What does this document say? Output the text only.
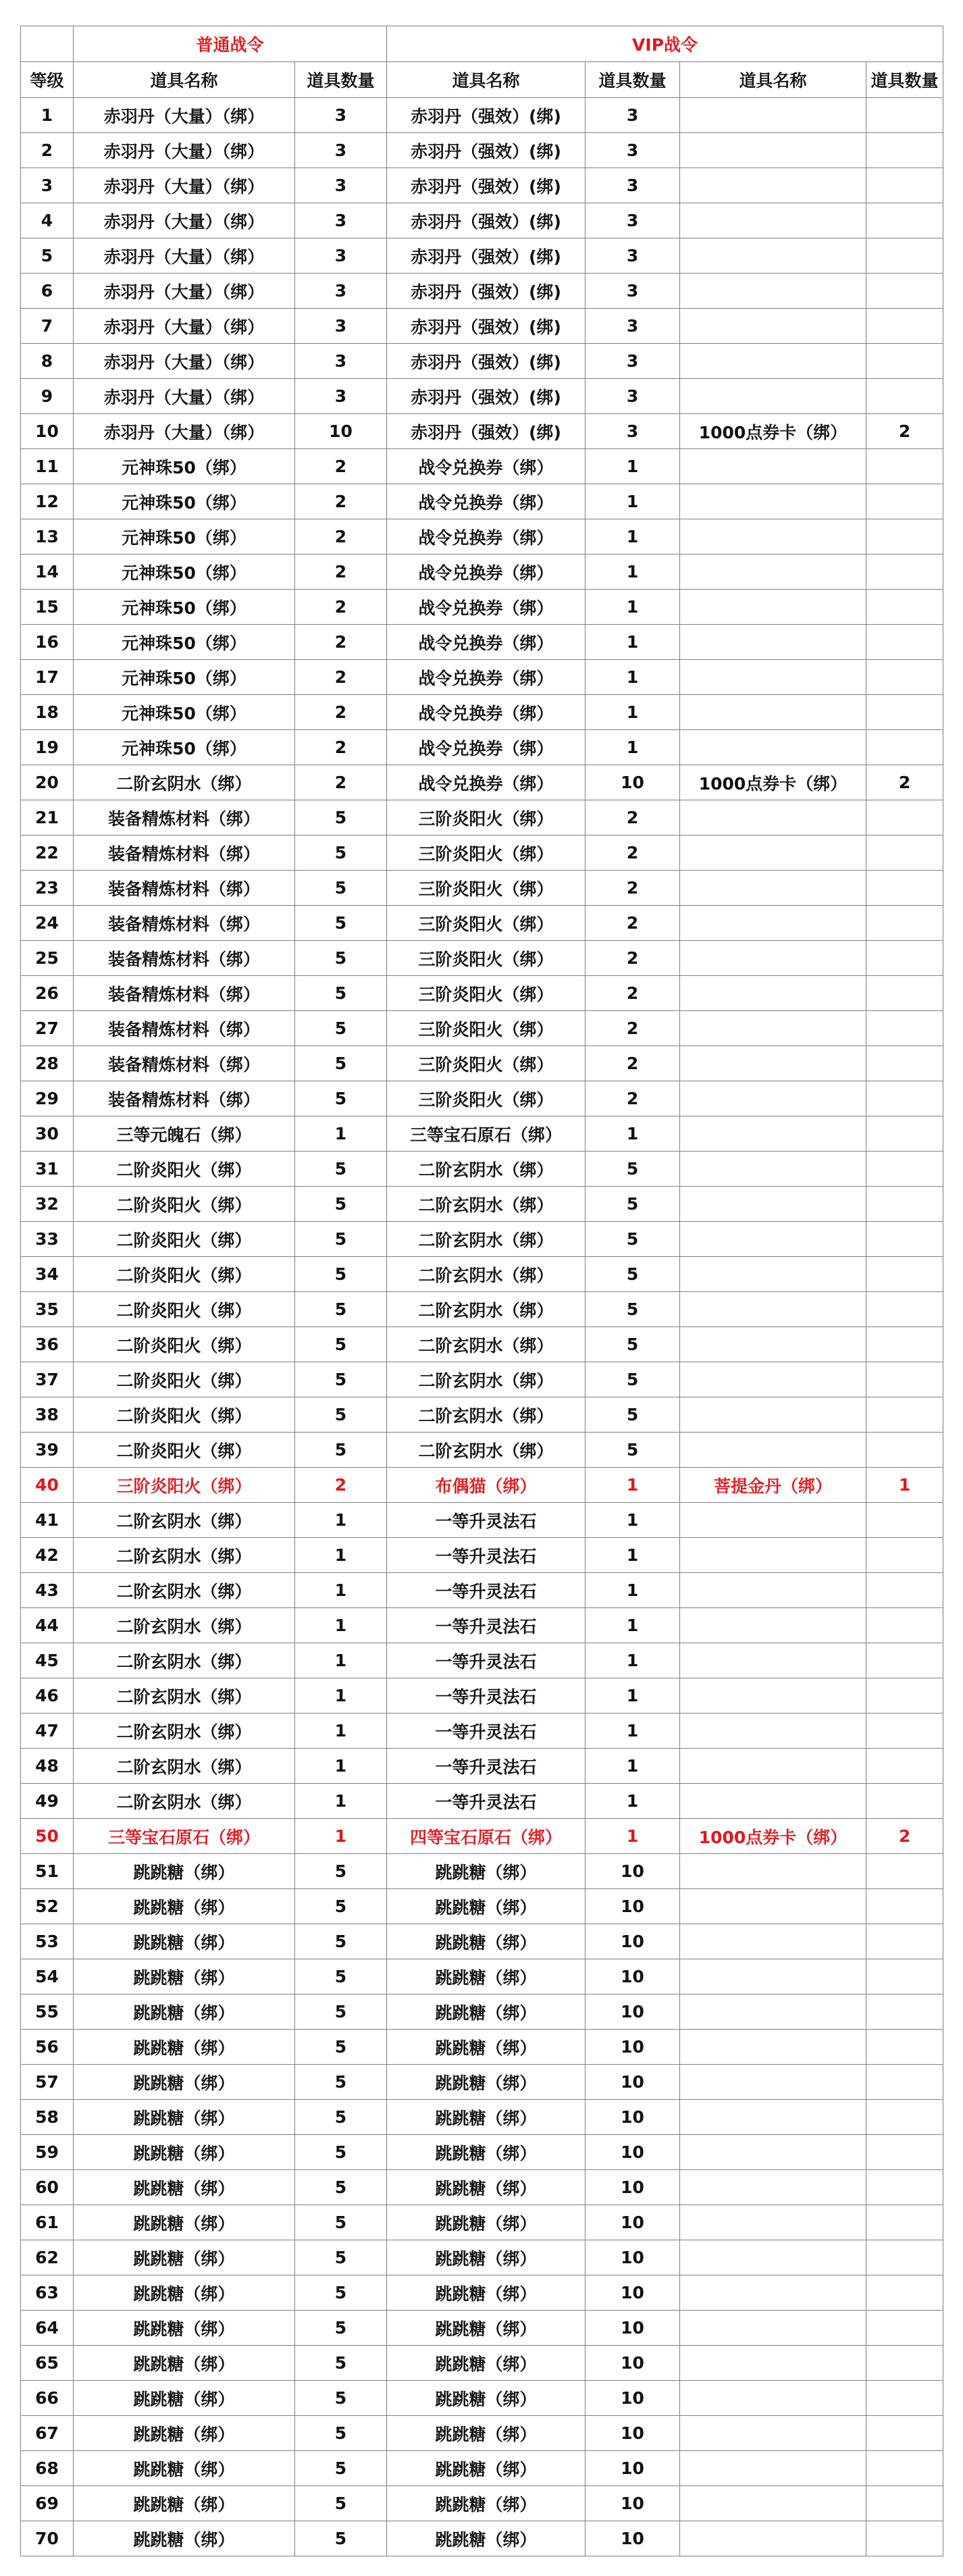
	普通战令		VIP战令			
等级	道具名称	道具数量	道具名称	道具数量	道具名称	道具数量
1	赤羽丹（大量）（绑）	3	赤羽丹（强效）(绑)	3		
2	赤羽丹（大量）（绑）	3	赤羽丹（强效）(绑)	3		
3	赤羽丹（大量）（绑）	3	赤羽丹（强效）(绑)	3		
4	赤羽丹（大量）（绑）	3	赤羽丹（强效）(绑)	3		
5	赤羽丹（大量）（绑）	3	赤羽丹（强效）(绑)	3		
6	赤羽丹（大量）（绑）	3	赤羽丹（强效）(绑)	3		
7	赤羽丹（大量）（绑）	3	赤羽丹（强效）(绑)	3		
8	赤羽丹（大量）（绑）	3	赤羽丹（强效）(绑)	3		
9	赤羽丹（大量）（绑）	3	赤羽丹（强效）(绑)	3		
10	赤羽丹（大量）（绑）	10	赤羽丹（强效）(绑)	3	1000点券卡（绑）	2
11	元神珠50（绑）	2	战令兑换券（绑）	1		
12	元神珠50（绑）	2	战令兑换券（绑）	1		
13	元神珠50（绑）	2	战令兑换券（绑）	1		
14	元神珠50（绑）	2	战令兑换券（绑）	1		
15	元神珠50（绑）	2	战令兑换券（绑）	1		
16	元神珠50（绑）	2	战令兑换券（绑）	1		
17	元神珠50（绑）	2	战令兑换券（绑）	1		
18	元神珠50（绑）	2	战令兑换券（绑）	1		
19	元神珠50（绑）	2	战令兑换券（绑）	1		
20	二阶玄阴水（绑）	2	战令兑换券（绑）	10	1000点券卡（绑）	2
21	装备精炼材料（绑）	5	三阶炎阳火（绑）	2		
22	装备精炼材料（绑）	5	三阶炎阳火（绑）	2		
23	装备精炼材料（绑）	5	三阶炎阳火（绑）	2		
24	装备精炼材料（绑）	5	三阶炎阳火（绑）	2		
25	装备精炼材料（绑）	5	三阶炎阳火（绑）	2		
26	装备精炼材料（绑）	5	三阶炎阳火（绑）	2		
27	装备精炼材料（绑）	5	三阶炎阳火（绑）	2		
28	装备精炼材料（绑）	5	三阶炎阳火（绑）	2		
29	装备精炼材料（绑）	5	三阶炎阳火（绑）	2		
30	三等元魄石（绑）	1	三等宝石原石（绑）	1		
31	二阶炎阳火（绑）	5	二阶玄阴水（绑）	5		
32	二阶炎阳火（绑）	5	二阶玄阴水（绑）	5		
33	二阶炎阳火（绑）	5	二阶玄阴水（绑）	5		
34	二阶炎阳火（绑）	5	二阶玄阴水（绑）	5		
35	二阶炎阳火（绑）	5	二阶玄阴水（绑）	5		
36	二阶炎阳火（绑）	5	二阶玄阴水（绑）	5		
37	二阶炎阳火（绑）	5	二阶玄阴水（绑）	5		
38	二阶炎阳火（绑）	5	二阶玄阴水（绑）	5		
39	二阶炎阳火（绑）	5	二阶玄阴水（绑）	5		
40	三阶炎阳火（绑）	2	布偶猫（绑）	1	菩提金丹（绑）	1
41	二阶玄阴水（绑）	1	一等升灵法石	1		
42	二阶玄阴水（绑）	1	一等升灵法石	1		
43	二阶玄阴水（绑）	1	一等升灵法石	1		
44	二阶玄阴水（绑）	1	一等升灵法石	1		
45	二阶玄阴水（绑）	1	一等升灵法石	1		
46	二阶玄阴水（绑）	1	一等升灵法石	1		
47	二阶玄阴水（绑）	1	一等升灵法石	1		
48	二阶玄阴水（绑）	1	一等升灵法石	1		
49	二阶玄阴水（绑）	1	一等升灵法石	1		
50	三等宝石原石（绑）	1	四等宝石原石（绑）	1	1000点券卡（绑）	2
51	跳跳糖（绑）	5	跳跳糖（绑）	10		
52	跳跳糖（绑）	5	跳跳糖（绑）	10		
53	跳跳糖（绑）	5	跳跳糖（绑）	10		
54	跳跳糖（绑）	5	跳跳糖（绑）	10		
55	跳跳糖（绑）	5	跳跳糖（绑）	10		
56	跳跳糖（绑）	5	跳跳糖（绑）	10		
57	跳跳糖（绑）	5	跳跳糖（绑）	10		
58	跳跳糖（绑）	5	跳跳糖（绑）	10		
59	跳跳糖（绑）	5	跳跳糖（绑）	10		
60	跳跳糖（绑）	5	跳跳糖（绑）	10		
61	跳跳糖（绑）	5	跳跳糖（绑）	10		
62	跳跳糖（绑）	5	跳跳糖（绑）	10		
63	跳跳糖（绑）	5	跳跳糖（绑）	10		
64	跳跳糖（绑）	5	跳跳糖（绑）	10		
65	跳跳糖（绑）	5	跳跳糖（绑）	10		
66	跳跳糖（绑）	5	跳跳糖（绑）	10		
67	跳跳糖（绑）	5	跳跳糖（绑）	10		
68	跳跳糖（绑）	5	跳跳糖（绑）	10		
69	跳跳糖（绑）	5	跳跳糖（绑）	10		
70	跳跳糖（绑）	5	跳跳糖（绑）	10		
